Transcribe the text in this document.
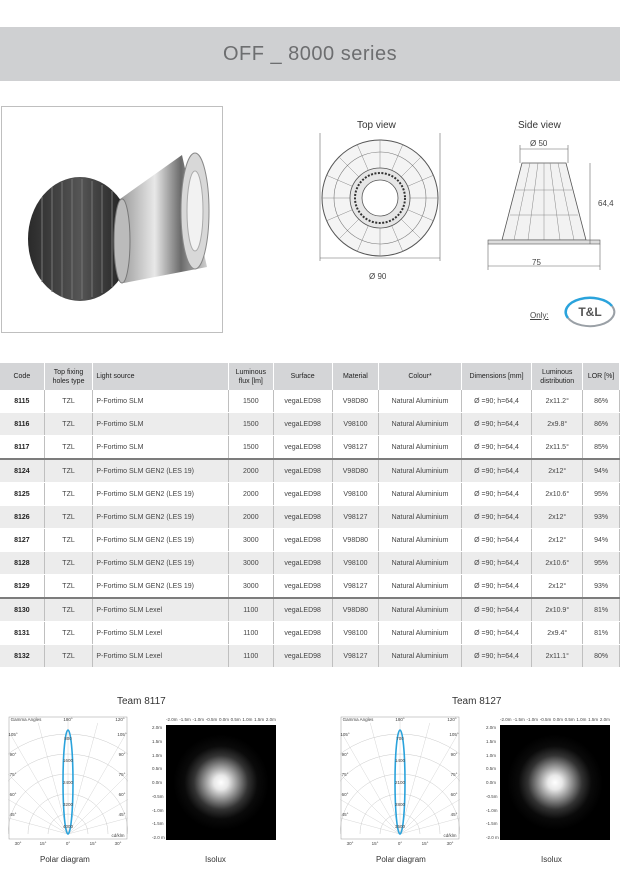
OFF _ 8000 series
Top view
Ø 90
Side view
Ø 50
64,4
75
Only: T&L
Code	Top fixing holes type	Light source	Luminous flux [lm]	Surface	Material	Colour*	Dimensions [mm]	Luminous distribution	LOR [%]
8115	TZL	P-Fortimo SLM	1500	vegaLED98	V98D80	Natural Aluminium	Ø =90; h=64,4	2x11.2°	86%
8116	TZL	P-Fortimo SLM	1500	vegaLED98	V98100	Natural Aluminium	Ø =90; h=64,4	2x9.8°	86%
8117	TZL	P-Fortimo SLM	1500	vegaLED98	V98127	Natural Aluminium	Ø =90; h=64,4	2x11.5°	85%
8124	TZL	P-Fortimo SLM GEN2 (LES 19)	2000	vegaLED98	V98D80	Natural Aluminium	Ø =90; h=64,4	2x12°	94%
8125	TZL	P-Fortimo SLM GEN2 (LES 19)	2000	vegaLED98	V98100	Natural Aluminium	Ø =90; h=64,4	2x10.6°	95%
8126	TZL	P-Fortimo SLM GEN2 (LES 19)	2000	vegaLED98	V98127	Natural Aluminium	Ø =90; h=64,4	2x12°	93%
8127	TZL	P-Fortimo SLM GEN2 (LES 19)	3000	vegaLED98	V98D80	Natural Aluminium	Ø =90; h=64,4	2x12°	94%
8128	TZL	P-Fortimo SLM GEN2 (LES 19)	3000	vegaLED98	V98100	Natural Aluminium	Ø =90; h=64,4	2x10.6°	95%
8129	TZL	P-Fortimo SLM GEN2 (LES 19)	3000	vegaLED98	V98127	Natural Aluminium	Ø =90; h=64,4	2x12°	93%
8130	TZL	P-Fortimo SLM Lexel	1100	vegaLED98	V98D80	Natural Aluminium	Ø =90; h=64,4	2x10.9°	81%
8131	TZL	P-Fortimo SLM Lexel	1100	vegaLED98	V98100	Natural Aluminium	Ø =90; h=64,4	2x9.4°	81%
8132	TZL	P-Fortimo SLM Lexel	1100	vegaLED98	V98127	Natural Aluminium	Ø =90; h=64,4	2x11.1°	80%
Team 8117
Gamma Angles	180°	120°
cd/klm
105°
90°
75°
60°
45°
105°
90°
75°
60°
45°
30°	15°	0°	15°	30°
800
1600
2400
3200
4000
-2.0m -1.5m -1.0m -0.5m 0.0m 0.5m 1.0m 1.5m 2.0m
2.0m
1.5m
1.0m
0.5m
0.0m
-0.5m
-1.0m
-1.5m
-2.0 m
Polar diagram	Isolux
Team 8127
Gamma Angles	180°	120°
cd/klm
105°
90°
75°
60°
45°
105°
90°
75°
60°
45°
30°	15°	0°	15°	30°
700
1400
2100
2800
3500
-2.0m -1.5m -1.0m -0.5m 0.0m 0.5m 1.0m 1.5m 2.0m
2.0m
1.5m
1.0m
0.5m
0.0m
-0.5m
-1.0m
-1.5m
-2.0 m
Polar diagram	Isolux
